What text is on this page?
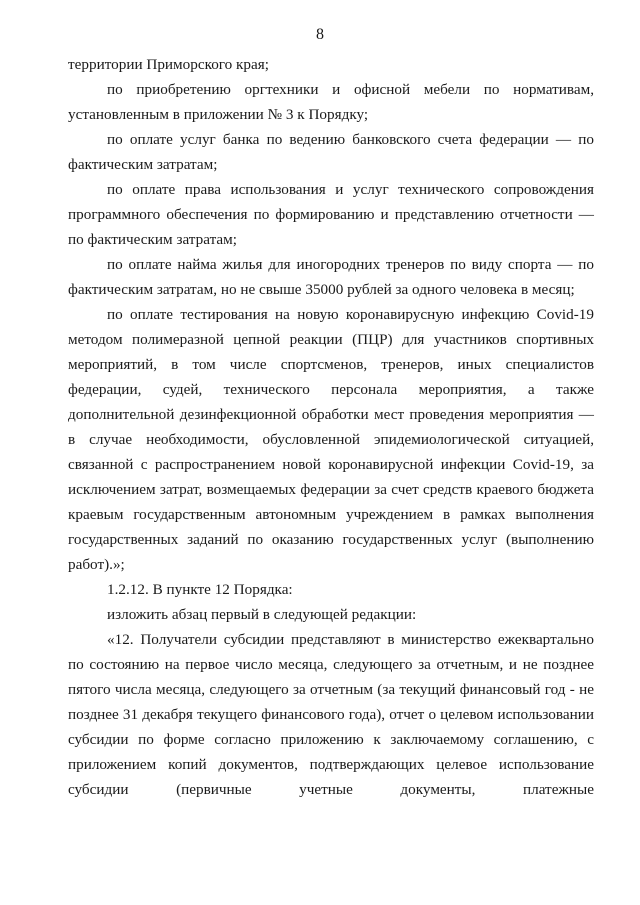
8

территории Приморского края;

по приобретению оргтехники и офисной мебели по нормативам, установленным в приложении № 3 к Порядку;

по оплате услуг банка по ведению банковского счета федерации — по фактическим затратам;

по оплате права использования и услуг технического сопровождения программного обеспечения по формированию и представлению отчетности — по фактическим затратам;

по оплате найма жилья для иногородних тренеров по виду спорта — по фактическим затратам, но не свыше 35000 рублей за одного человека в месяц;

по оплате тестирования на новую коронавирусную инфекцию Covid-19 методом полимеразной цепной реакции (ПЦР) для участников спортивных мероприятий, в том числе спортсменов, тренеров, иных специалистов федерации, судей, технического персонала мероприятия, а также дополнительной дезинфекционной обработки мест проведения мероприятия — в случае необходимости, обусловленной эпидемиологической ситуацией, связанной с распространением новой коронавирусной инфекции Covid-19, за исключением затрат, возмещаемых федерации за счет средств краевого бюджета краевым государственным автономным учреждением в рамках выполнения государственных заданий по оказанию государственных услуг (выполнению работ).»;

1.2.12. В пункте 12 Порядка:

изложить абзац первый в следующей редакции:

«12. Получатели субсидии представляют в министерство ежеквартально по состоянию на первое число месяца, следующего за отчетным, и не позднее пятого числа месяца, следующего за отчетным (за текущий финансовый год - не позднее 31 декабря текущего финансового года), отчет о целевом использовании субсидии по форме согласно приложению к заключаемому соглашению, с приложением копий документов, подтверждающих целевое использование субсидии (первичные учетные документы, платежные
